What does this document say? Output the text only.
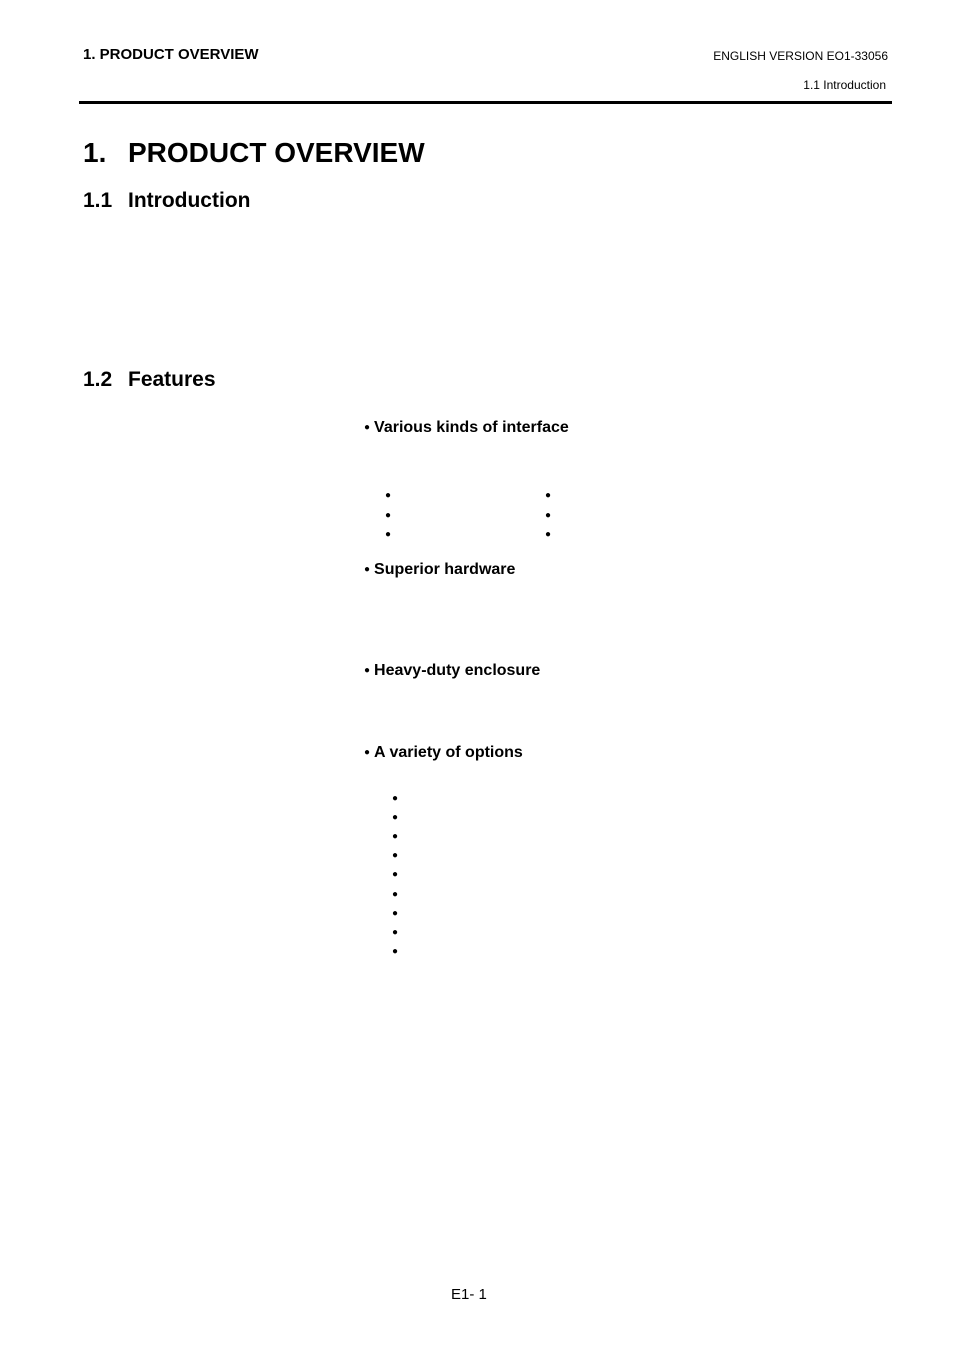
1. PRODUCT OVERVIEW	ENGLISH VERSION EO1-33056
1.1 Introduction
1. PRODUCT OVERVIEW
1.1 Introduction
1.2 Features
● Various kinds of interface
●
●
●
●
●
●
● Superior hardware
● Heavy-duty enclosure
● A variety of options
●
●
●
●
●
●
●
●
●
E1- 1
